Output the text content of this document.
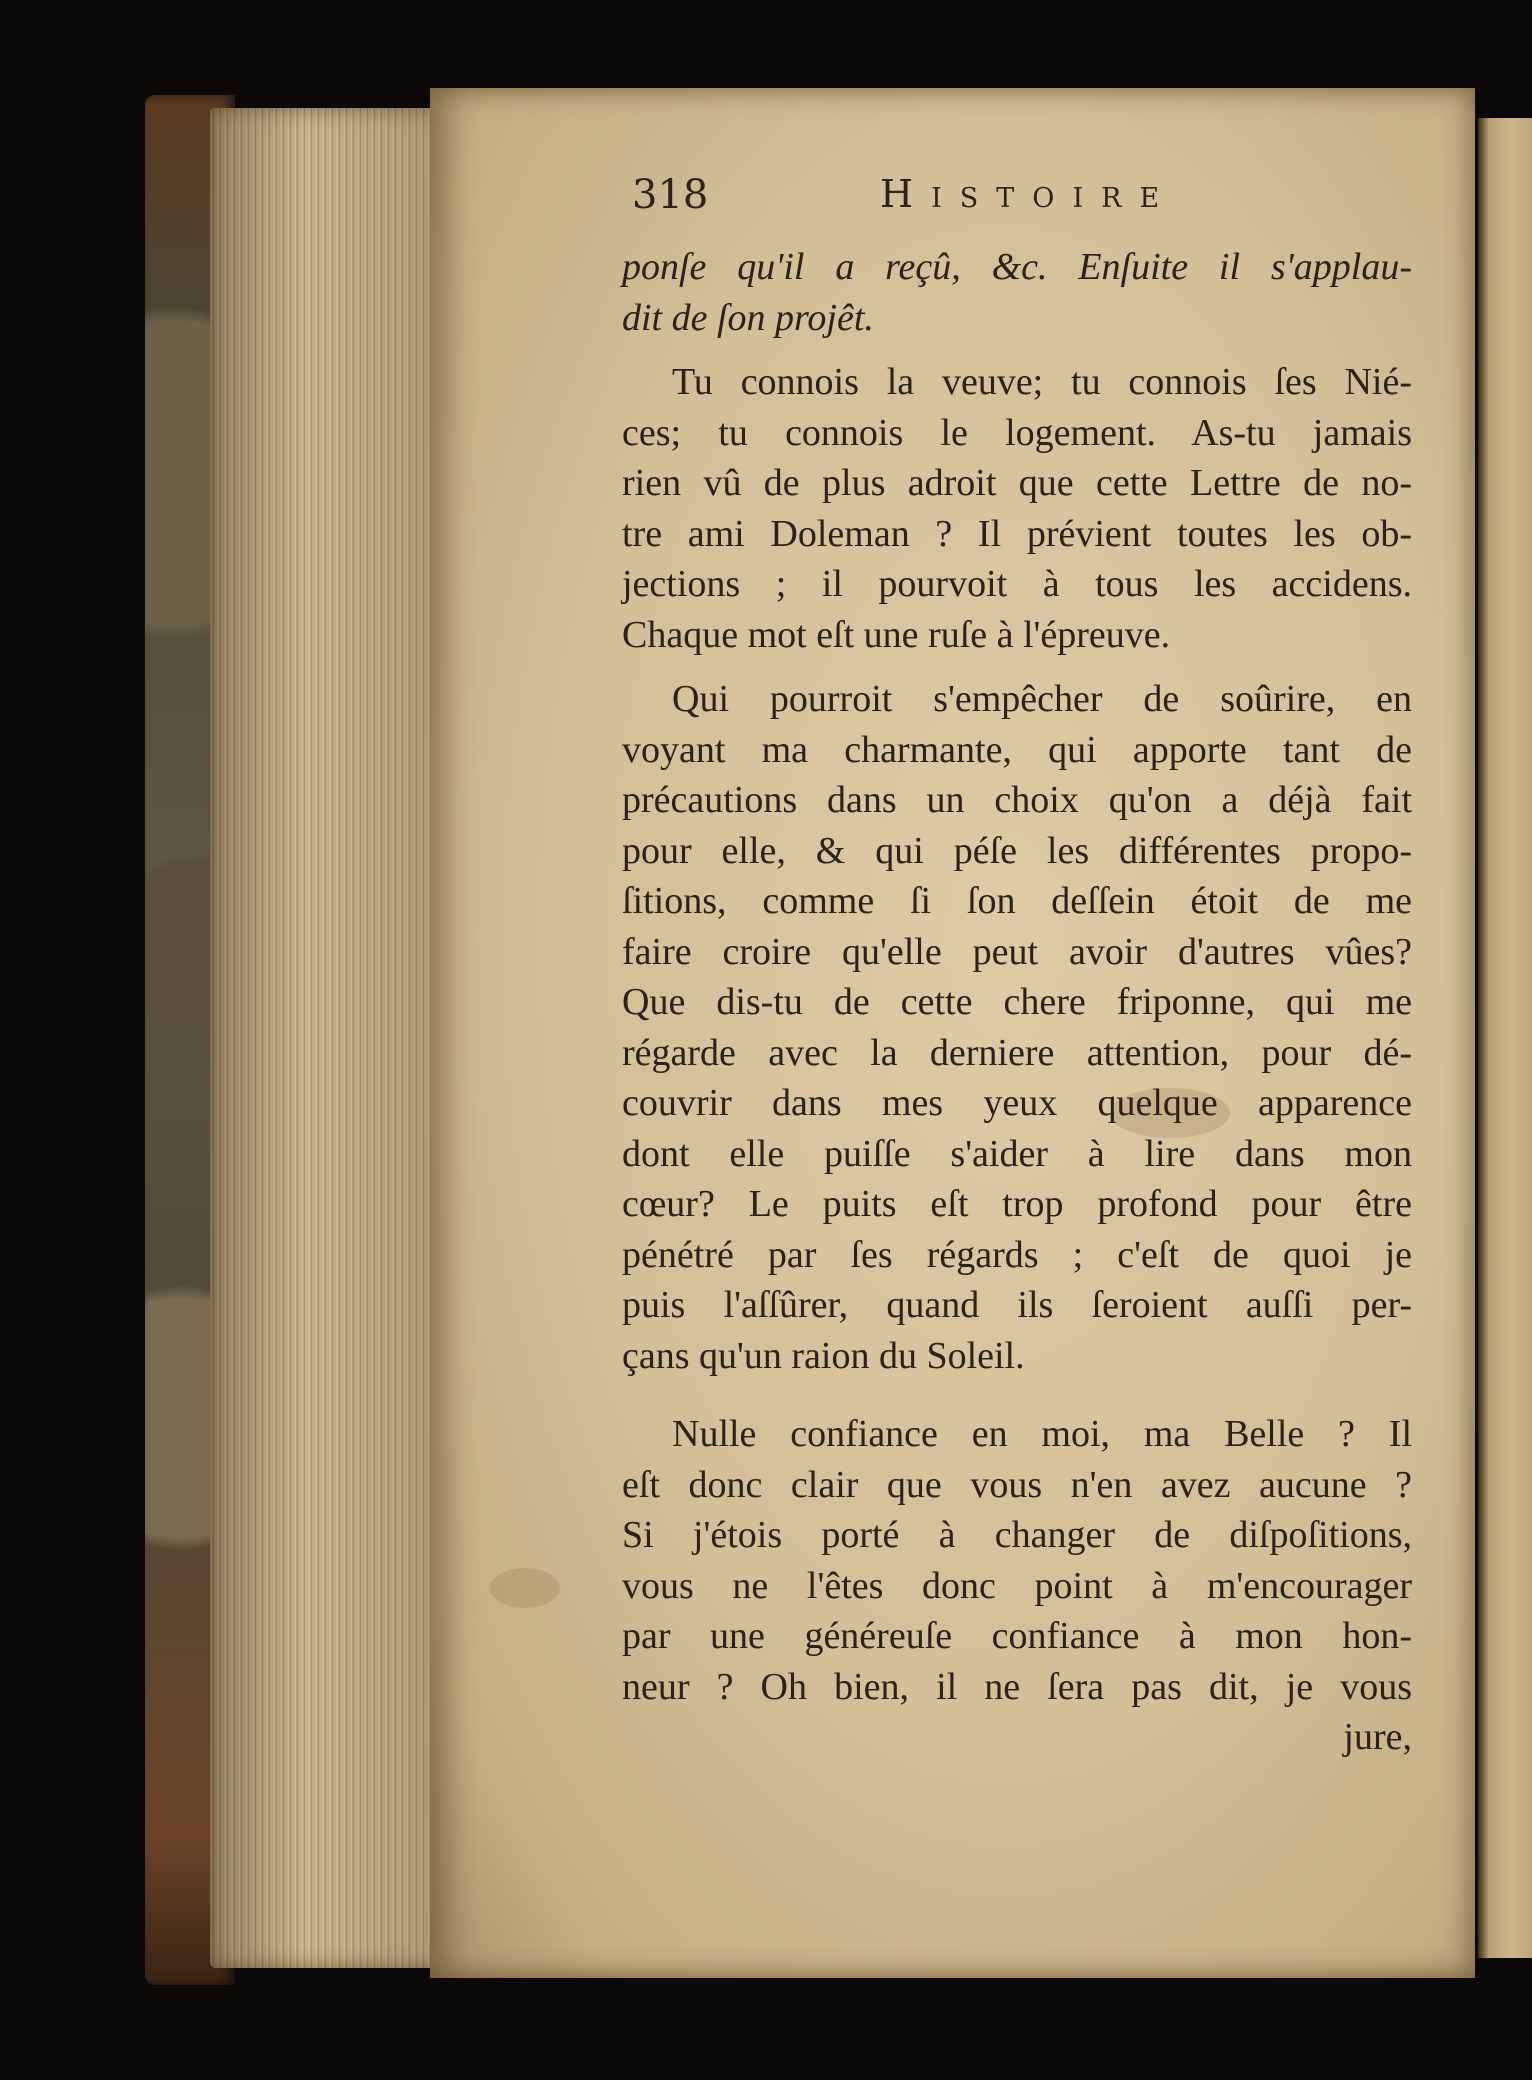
318	Histoire
ponſe qu'il a reçû, &c. Enſuite il s'applau-
dit de ſon projêt.
Tu connois la veuve; tu connois ſes Nié-
ces; tu connois le logement. As-tu jamais
rien vû de plus adroit que cette Lettre de no-
tre ami Doleman ? Il prévient toutes les ob-
jections ; il pourvoit à tous les accidens.
Chaque mot eſt une ruſe à l'épreuve.
Qui pourroit s'empêcher de soûrire, en
voyant ma charmante, qui apporte tant de
précautions dans un choix qu'on a déjà fait
pour elle, & qui péſe les différentes propo-
ſitions, comme ſi ſon deſſein étoit de me
faire croire qu'elle peut avoir d'autres vûes?
Que dis-tu de cette chere friponne, qui me
régarde avec la derniere attention, pour dé-
couvrir dans mes yeux quelque apparence
dont elle puiſſe s'aider à lire dans mon
cœur? Le puits eſt trop profond pour être
pénétré par ſes régards ; c'eſt de quoi je
puis l'aſſûrer, quand ils ſeroient auſſi per-
çans qu'un raion du Soleil.
Nulle confiance en moi, ma Belle ? Il
eſt donc clair que vous n'en avez aucune ?
Si j'étois porté à changer de diſpoſitions,
vous ne l'êtes donc point à m'encourager
par une généreuſe confiance à mon hon-
neur ? Oh bien, il ne ſera pas dit, je vous
jure,
